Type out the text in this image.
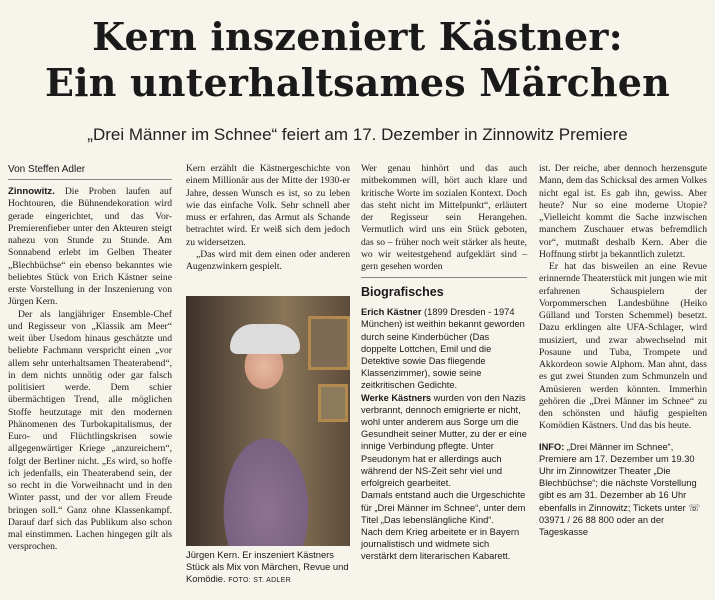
Kern inszeniert Kästner:
Ein unterhaltsames Märchen
„Drei Männer im Schnee“ feiert am 17. Dezember in Zinnowitz Premiere
Von Steffen Adler

Zinnowitz. Die Proben laufen auf Hochtouren, die Bühnendekoration wird gerade eingerichtet, und das Vor-Premierenfieber unter den Akteuren steigt nahezu von Stunde zu Stunde. Am Sonnabend erlebt im Gelben Theater „Blechbüchse“ ein ebenso bekanntes wie beliebtes Stück von Erich Kästner seine erste Vorstellung in der Inszenierung von Jürgen Kern.

Der als langjähriger Ensemble-Chef und Regisseur von „Klassik am Meer“ weit über Usedom hinaus geschätzte und beliebte Fachmann verspricht einen „vor allem sehr unterhaltsamen Theaterabend“, in dem nichts unnötig oder gar falsch politisiert werde. Dem schier übermächtigen Trend, alle möglichen Stoffe heutzutage mit den modernen Phänomenen des Turbokapitalismus, der Euro- und Flüchtlingskrisen sowie allgegenwärtiger Kriege „anzureichern“, folgt der Berliner nicht. „Es wird, so hoffe ich jedenfalls, ein Theaterabend sein, der so recht in die Vorweihnacht und in den Winter passt, und der vor allem Freude bringen soll.“ Ganz ohne Klassenkampf. Darauf darf sich das Publikum also schon mal einstimmen. Lachen hingegen gilt als versprochen.

Kern erzählt die Kästnergeschichte von einem Millionär aus der Mitte der 1930-er Jahre, dessen Wunsch es ist, so zu leben wie das einfache Volk. Sehr schnell aber muss er erfahren, das Armut als Schande betrachtet wird. Er weiß sich dem jedoch zu widersetzen.

„Das wird mit dem einen oder anderen Augenzwinkern gespielt.

Jürgen Kern. Er inszeniert Kästners Stück als Mix von Märchen, Revue und Komödie. FOTO: ST. ADLER

Wer genau hinhört und das auch mitbekommen will, hört auch klare und kritische Worte im sozialen Kontext. Doch das steht nicht im Mittelpunkt“, erläutert der Regisseur sein Herangehen. Vermutlich wird uns ein Stück geboten, das so – früher noch weit stärker als heute, wo wir weitestgehend aufgeklärt sind – gern gesehen worden

Biografisches

Erich Kästner (1899 Dresden - 1974 München) ist weithin bekannt geworden durch seine Kinderbücher (Das doppelte Lottchen, Emil und die Detektive sowie Das fliegende Klassenzimmer), sowie seine zeitkritischen Gedichte.

Werke Kästners wurden von den Nazis verbrannt, dennoch emigrierte er nicht, wohl unter anderem aus Sorge um die Gesundheit seiner Mutter, zu der er eine innige Verbindung pflegte. Unter Pseudonym hat er allerdings auch während der NS-Zeit sehr viel und erfolgreich gearbeitet.

Damals entstand auch die Urgeschichte für „Drei Männer im Schnee“, unter dem Titel „Das lebenslängliche Kind“.

Nach dem Krieg arbeitete er in Bayern journalistisch und widmete sich verstärkt dem literarischen Kabarett.

ist. Der reiche, aber dennoch herzensgute Mann, dem das Schicksal des armen Volkes nicht egal ist. Es gab ihn, gewiss. Aber heute? Nur so eine moderne Utopie? „Vielleicht kommt die Sache inzwischen manchem Zuschauer etwas befremdlich vor“, mutmaßt deshalb Kern. Aber die Hoffnung stirbt ja bekanntlich zuletzt.

Er hat das bisweilen an eine Revue erinnernde Theaterstück mit jungen wie mit erfahrenen Schauspielern der Vorpommerschen Landesbühne (Heiko Gülland und Torsten Schemmel) besetzt. Dazu erklingen alte UFA-Schlager, wird musiziert, und zwar abwechselnd mit Posaune und Tuba, Trompete und Akkordeon sowie Alphorn. Man ahnt, dass es gut zwei Stunden zum Schmunzeln und Amüsieren werden könnten. Immerhin gehören die „Drei Männer im Schnee“ zu den schönsten und häufig gespielten Komödien Kästners. Und das bis heute.

INFO: „Drei Männer im Schnee“, Premiere am 17. Dezember um 19.30 Uhr im Zinnowitzer Theater „Die Blechbüchse“; die nächste Vorstellung gibt es am 31. Dezember ab 16 Uhr ebenfalls in Zinnowitz; Tickets unter ☏ 03971 / 26 88 800 oder an der Tageskasse
